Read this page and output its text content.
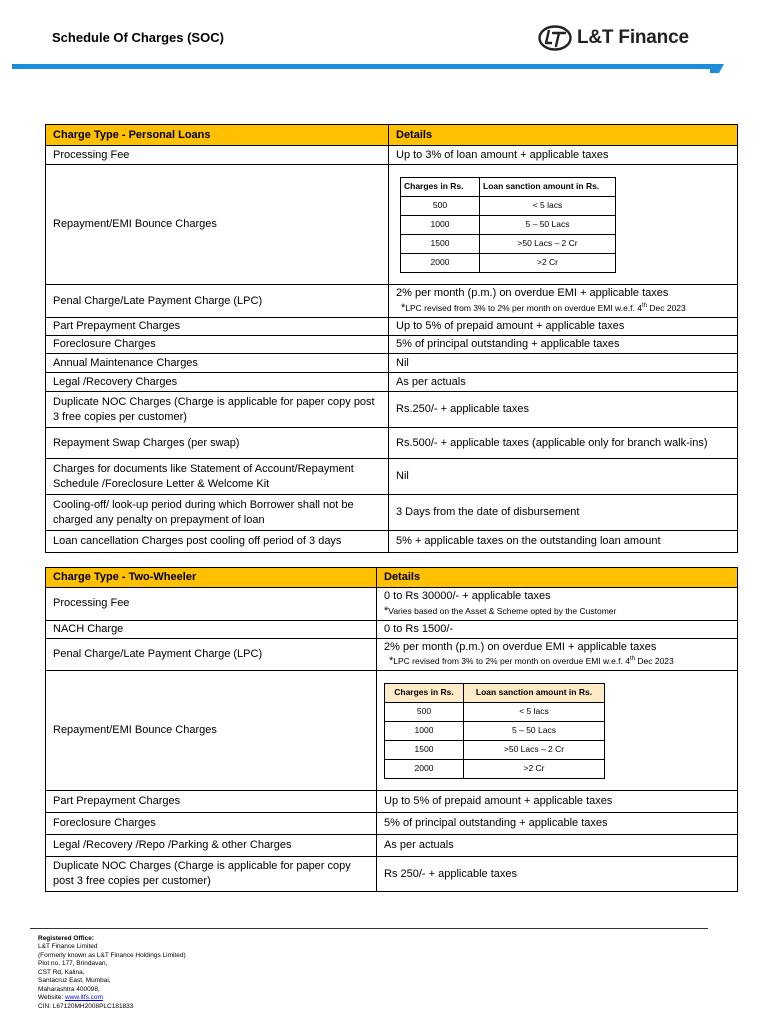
Schedule Of Charges (SOC)	L&T Finance
Charge Type - Personal Loans	Details
Processing Fee	Up to 3% of loan amount + applicable taxes
Repayment/EMI Bounce Charges	
Charges in Rs.	Loan sanction amount in Rs.
500	< 5 lacs
1000	5 – 50 Lacs
1500	>50 Lacs – 2 Cr
2000	>2 Cr

Penal Charge/Late Payment Charge (LPC)	2% per month (p.m.) on overdue EMI + applicable taxes
*LPC revised from 3% to 2% per month on overdue EMI w.e.f. 4th Dec 2023

Part Prepayment Charges	Up to 5% of prepaid amount + applicable taxes
Foreclosure Charges	5% of principal outstanding + applicable taxes
Annual Maintenance Charges	Nil
Legal /Recovery Charges	As per actuals
Duplicate NOC Charges (Charge is applicable for paper copy post 3 free copies per customer)	Rs.250/- + applicable taxes
Repayment Swap Charges (per swap)	Rs.500/- + applicable taxes (applicable only for branch walk-ins)
Charges for documents like Statement of Account/Repayment Schedule /Foreclosure Letter & Welcome Kit	Nil
Cooling-off/ look-up period during which Borrower shall not be charged any penalty on prepayment of loan	3 Days from the date of disbursement
Loan cancellation Charges post cooling off period of 3 days	5% + applicable taxes on the outstanding loan amount
Charge Type - Two-Wheeler	Details
Processing Fee	0 to Rs 30000/- + applicable taxes
*Varies based on the Asset & Scheme opted by the Customer

NACH Charge	0 to Rs 1500/-
Penal Charge/Late Payment Charge (LPC)	2% per month (p.m.) on overdue EMI + applicable taxes
*LPC revised from 3% to 2% per month on overdue EMI w.e.f. 4th Dec 2023

Repayment/EMI Bounce Charges	
Charges in Rs.	Loan sanction amount in Rs.
500	< 5 lacs
1000	5 – 50 Lacs
1500	>50 Lacs – 2 Cr
2000	>2 Cr

Part Prepayment Charges	Up to 5% of prepaid amount + applicable taxes
Foreclosure Charges	5% of principal outstanding + applicable taxes
Legal /Recovery /Repo /Parking & other Charges	As per actuals
Duplicate NOC Charges (Charge is applicable for paper copy post 3 free copies per customer)	Rs 250/- + applicable taxes
Registered Office:
L&T Finance Limited
(Formerly known as L&T Finance Holdings Limited)
Plot no. 177, Brindavan,
CST Rd, Kalina,
Santacruz East, Mumbai,
Maharashtra 400098,
Website: www.ltfs.com
CIN: L67120MH2008PLC181833
